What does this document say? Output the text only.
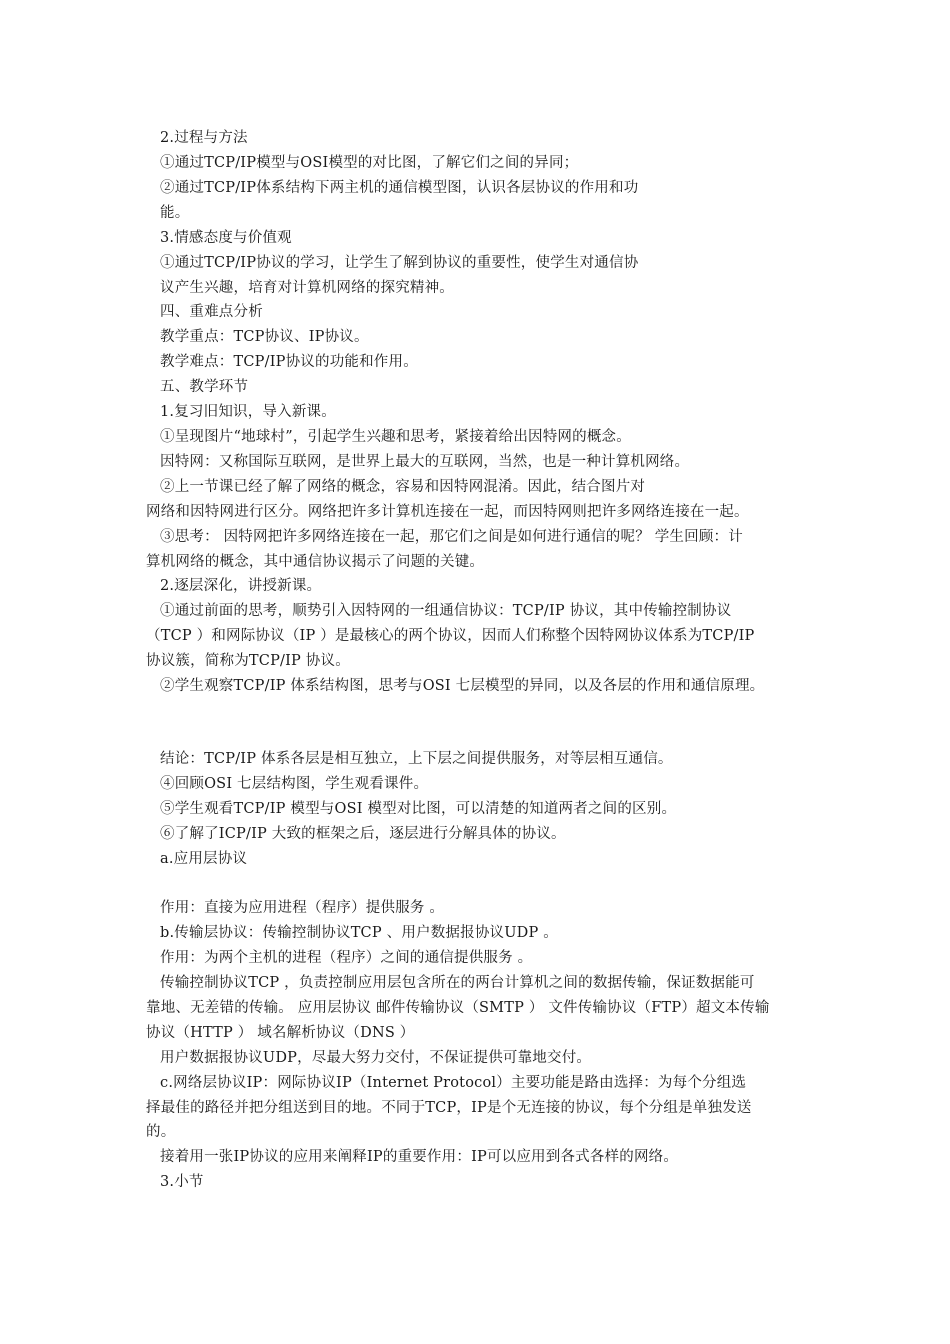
2.过程与方法
①通过TCP/IP模型与OSI模型的对比图，了解它们之间的异同；
②通过TCP/IP体系结构下两主机的通信模型图，认识各层协议的作用和功
能。
3.情感态度与价值观
①通过TCP/IP协议的学习，让学生了解到协议的重要性，使学生对通信协
议产生兴趣，培育对计算机网络的探究精神。
四、重难点分析
教学重点：TCP协议、IP协议。
教学难点：TCP/IP协议的功能和作用。
五、教学环节
1.复习旧知识，导入新课。
①呈现图片“地球村”，引起学生兴趣和思考，紧接着给出因特网的概念。
因特网：又称国际互联网，是世界上最大的互联网，当然，也是一种计算机网络。
②上一节课已经了解了网络的概念，容易和因特网混淆。因此，结合图片对
网络和因特网进行区分。网络把许多计算机连接在一起，而因特网则把许多网络连接在一起。
③思考： 因特网把许多网络连接在一起，那它们之间是如何进行通信的呢？ 学生回顾：计
算机网络的概念，其中通信协议揭示了问题的关键。
2.逐层深化，讲授新课。
①通过前面的思考，顺势引入因特网的一组通信协议：TCP/IP 协议，其中传输控制协议
（TCP ）和网际协议（IP ）是最核心的两个协议，因而人们称整个因特网协议体系为TCP/IP
协议簇，简称为TCP/IP 协议。
②学生观察TCP/IP 体系结构图，思考与OSI 七层模型的异同，以及各层的作用和通信原理。
结论：TCP/IP 体系各层是相互独立，上下层之间提供服务，对等层相互通信。
④回顾OSI 七层结构图，学生观看课件。
⑤学生观看TCP/IP 模型与OSI 模型对比图，可以清楚的知道两者之间的区别。
⑥了解了ICP/IP 大致的框架之后，逐层进行分解具体的协议。
a.应用层协议
作用：直接为应用进程（程序）提供服务 。
b.传输层协议：传输控制协议TCP 、用户数据报协议UDP 。
作用：为两个主机的进程（程序）之间的通信提供服务 。
传输控制协议TCP ，负责控制应用层包含所在的两台计算机之间的数据传输，保证数据能可
靠地、无差错的传输。 应用层协议 邮件传输协议（SMTP ） 文件传输协议（FTP）超文本传输
协议（HTTP ） 域名解析协议（DNS ）
用户数据报协议UDP，尽最大努力交付，不保证提供可靠地交付。
c.网络层协议IP：网际协议IP（Internet Protocol）主要功能是路由选择：为每个分组选
择最佳的路径并把分组送到目的地。不同于TCP，IP是个无连接的协议，每个分组是单独发送
的。
接着用一张IP协议的应用来阐释IP的重要作用：IP可以应用到各式各样的网络。
3.小节
